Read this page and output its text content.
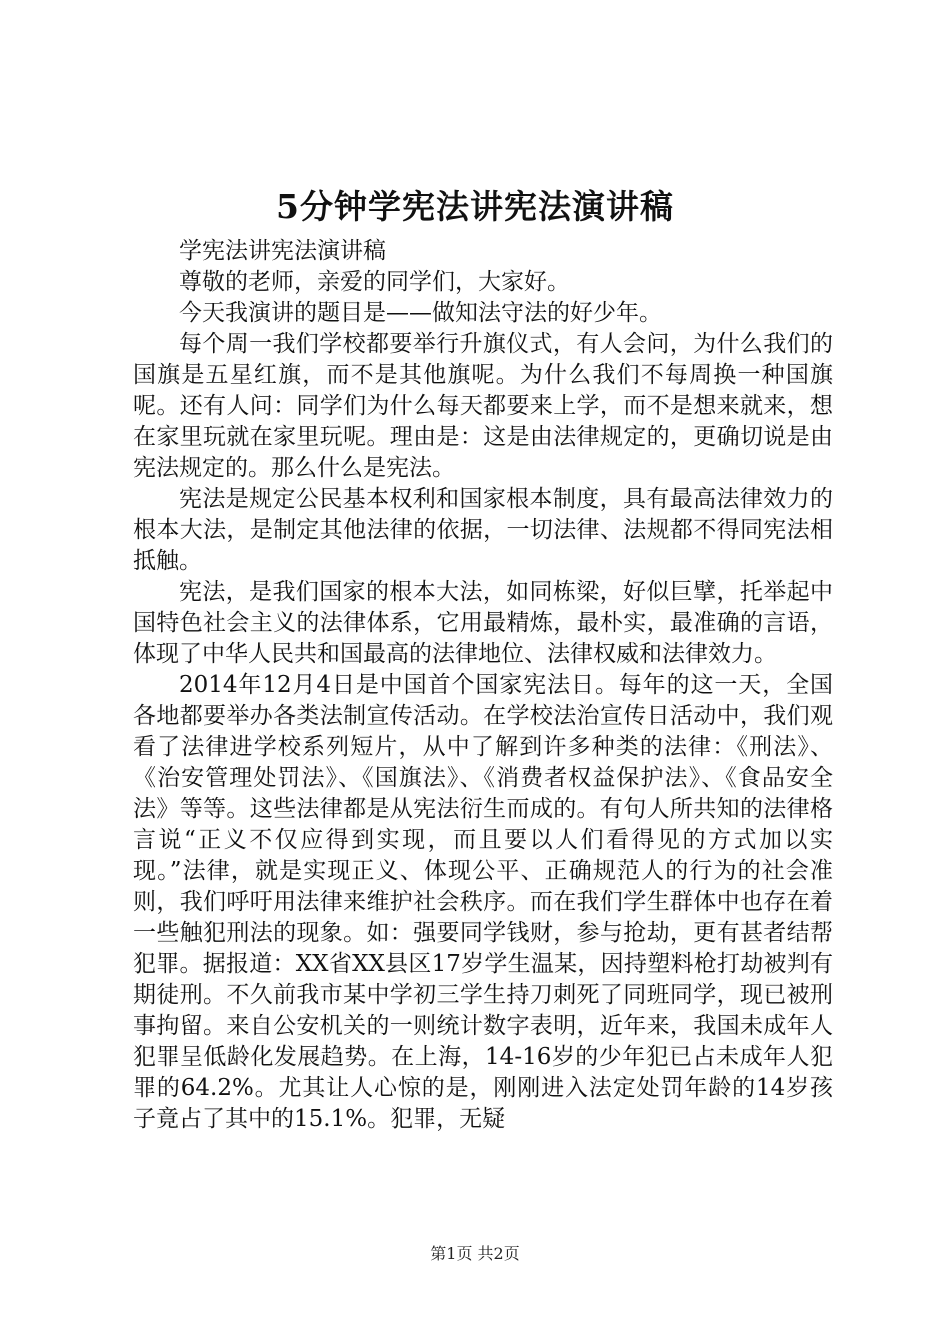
5分钟学宪法讲宪法演讲稿

学宪法讲宪法演讲稿

尊敬的老师，亲爱的同学们，大家好。

今天我演讲的题目是——做知法守法的好少年。

每个周一我们学校都要举行升旗仪式，有人会问，为什么我们的国旗是五星红旗，而不是其他旗呢。为什么我们不每周换一种国旗呢。还有人问：同学们为什么每天都要来上学，而不是想来就来，想在家里玩就在家里玩呢。理由是：这是由法律规定的，更确切说是由宪法规定的。那么什么是宪法。

宪法是规定公民基本权利和国家根本制度，具有最高法律效力的根本大法，是制定其他法律的依据，一切法律、法规都不得同宪法相抵触。

宪法，是我们国家的根本大法，如同栋梁，好似巨擘，托举起中国特色社会主义的法律体系，它用最精炼，最朴实，最准确的言语，体现了中华人民共和国最高的法律地位、法律权威和法律效力。

2014年12月4日是中国首个国家宪法日。每年的这一天，全国各地都要举办各类法制宣传活动。在学校法治宣传日活动中，我们观看了法律进学校系列短片，从中了解到许多种类的法律：《刑法》、《治安管理处罚法》、《国旗法》、《消费者权益保护法》、《食品安全法》等等。这些法律都是从宪法衍生而成的。有句人所共知的法律格言说“正义不仅应得到实现，而且要以人们看得见的方式加以实现。”法律，就是实现正义、体现公平、正确规范人的行为的社会准则，我们呼吁用法律来维护社会秩序。而在我们学生群体中也存在着一些触犯刑法的现象。如：强要同学钱财，参与抢劫，更有甚者结帮犯罪。据报道：XX省XX县区17岁学生温某，因持塑料枪打劫被判有期徒刑。不久前我市某中学初三学生持刀刺死了同班同学，现已被刑事拘留。来自公安机关的一则统计数字表明，近年来，我国未成年人犯罪呈低龄化发展趋势。在上海，14-16岁的少年犯已占未成年人犯罪的64.2%。尤其让人心惊的是，刚刚进入法定处罚年龄的14岁孩子竟占了其中的15.1%。犯罪，无疑

第1页 共2页
